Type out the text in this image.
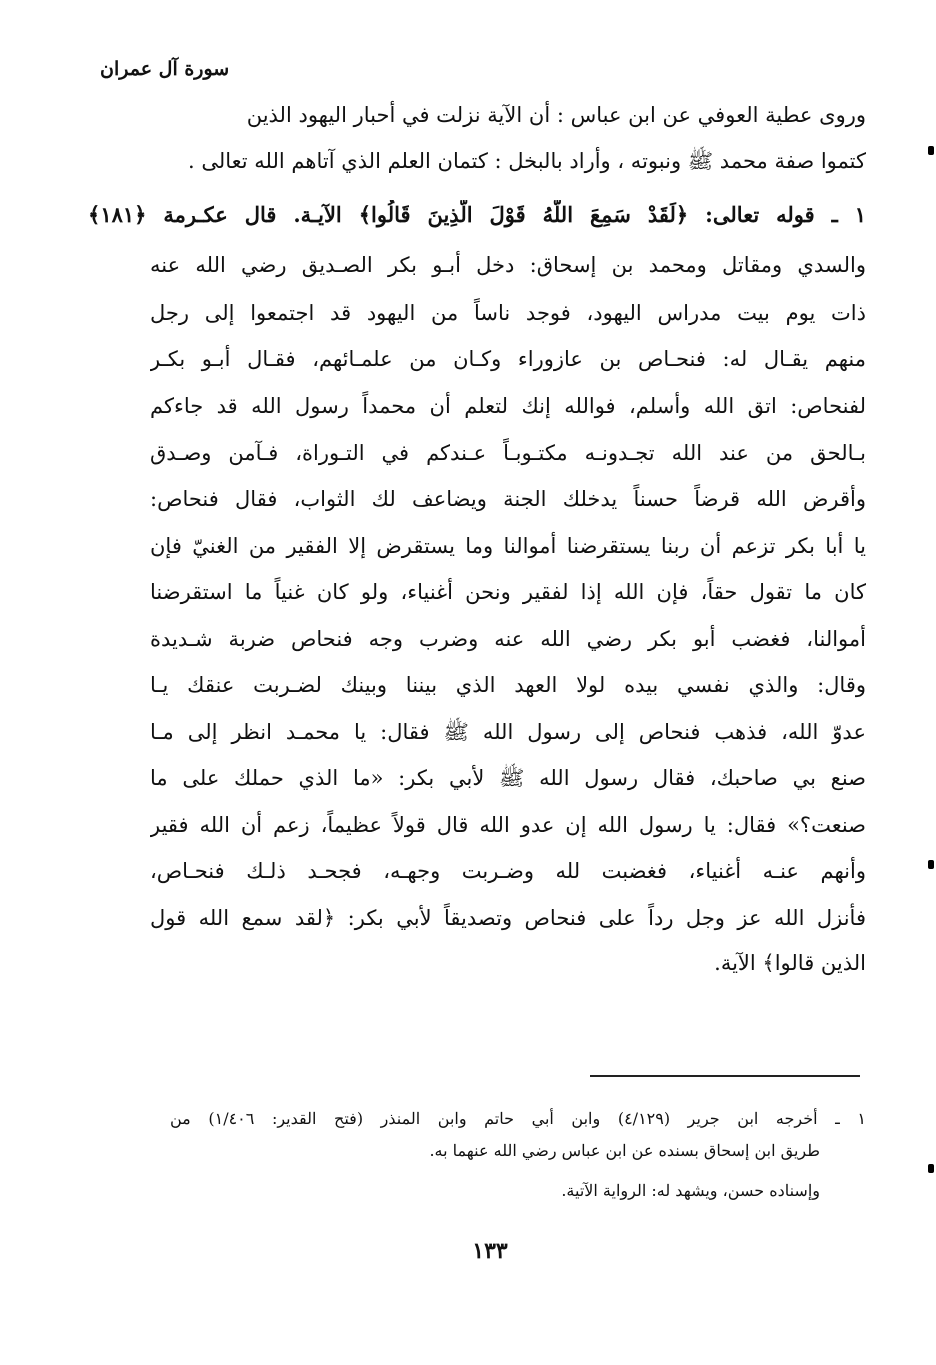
سورة آل عمران
وروى عطية العوفي عن ابن عباس : أن الآية نزلت في أحبار اليهود الذين
كتموا صفة محمد ﷺ ونبوته ، وأراد بالبخل : كتمان العلم الذي آتاهم الله تعالى .
١ ـ قوله تعالى: ﴿لَقَدْ سَمِعَ اللَّهُ قَوْلَ الَّذِينَ قَالُوا﴾ الآيـة. قال عكـرمة ﴿١٨١﴾
والسدي ومقاتل ومحمد بن إسحاق: دخل أبـو بكر الصـديق رضي الله عنه
ذات يوم بيت مدراس اليهود، فوجد ناساً من اليهود قد اجتمعوا إلى رجل
منهم يقـال له: فنحـاص بن عازوراء وكـان من علمـائهم، فقـال أبـو بكـر
لفنحاص: اتق الله وأسلم، فوالله إنك لتعلم أن محمداً رسول الله قد جاءكم
بـالحق من عند الله تجـدونـه مكتـوبـاً عـندكم في التـوراة، فـآمن وصـدق
وأقرض الله قرضاً حسناً يدخلك الجنة ويضاعف لك الثواب، فقال فنحاص:
يا أبا بكر تزعم أن ربنا يستقرضنا أموالنا وما يستقرض إلا الفقير من الغنيّ فإن
كان ما تقول حقاً، فإن الله إذا لفقير ونحن أغنياء، ولو كان غنياً ما استقرضنا
أموالنا، فغضب أبو بكر رضي الله عنه وضرب وجه فنحاص ضربة شـديدة
وقال: والذي نفسي بيده لولا العهد الذي بيننا وبينك لضـربت عنقك يـا
عدوّ الله، فذهب فنحاص إلى رسول الله ﷺ فقال: يا محمـد انظر إلى مـا
صنع بي صاحبك، فقال رسول الله ﷺ لأبي بكر: «ما الذي حملك على ما
صنعت؟» فقال: يا رسول الله إن عدو الله قال قولاً عظيماً، زعم أن الله فقير
وأنهم عنـه أغنياء، فغضبت لله وضـربت وجهـه، فجحـد ذلـك فنحـاص،
فأنزل الله عز وجل رداً على فنحاص وتصديقاً لأبي بكر: ﴿لقد سمع الله قول
الذين قالوا﴾ الآية.
١ ـ أخرجه ابن جرير (٤/١٢٩) وابن أبي حاتم وابن المنذر (فتح القدير: ١/٤٠٦) من
طريق ابن إسحاق بسنده عن ابن عباس رضي الله عنهما به.
وإسناده حسن، ويشهد له: الرواية الآتية.
١٣٣
